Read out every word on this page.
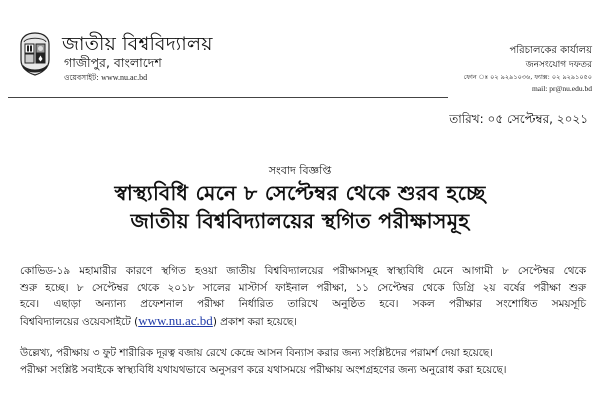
জাতীয় বিশ্ববিদ্যালয়
গাজীপুর, বাংলাদেশ
ওয়েবসাইট: www.nu.ac.bd
পরিচালকের কার্যালয়
জনসংযোগ দফতর
ফোন ঃ ০২ ৯২৯১০৩৬, ফ্যাক্স: ০২ ৯২৯১০৫০
mail: pr@nu.edu.bd
তারিখ: ০৫ সেপ্টেম্বর, ২০২১
সংবাদ বিজ্ঞপ্তি
স্বাস্থ্যবিধি মেনে ৮ সেপ্টেম্বর থেকে শুরব হচ্ছে
জাতীয় বিশ্ববিদ্যালয়ের স্থগিত পরীক্ষাসমূহ
কোভিড-১৯ মহামারীর কারণে স্থগিত হওয়া জাতীয় বিশ্ববিদ্যালয়ের পরীক্ষাসমূহ স্বাস্থ্যবিধি মেনে আগামী ৮ সেপ্টেম্বর থেকে
শুরু হচ্ছে। ৮ সেপ্টেম্বর থেকে ২০১৮ সালের মাস্টার্স ফাইনাল পরীক্ষা, ১১ সেপ্টেম্বর থেকে ডিগ্রি ২য় বর্ষের পরীক্ষা শুরু
হবে। এছাড়া অন্যান্য প্রফেশনাল পরীক্ষা নির্ধারিত তারিখে অনুষ্ঠিত হবে। সকল পরীক্ষার সংশোধিত সময়সূচি
বিশ্ববিদ্যালয়ের ওয়েবসাইটে (www.nu.ac.bd) প্রকাশ করা হয়েছে।
উল্লেখ্য, পরীক্ষায় ৩ ফুট শারীরিক দূরত্ব বজায় রেখে কেন্দ্রে আসন বিন্যাস করার জন্য সংশ্লিষ্টদের পরামর্শ দেয়া হয়েছে।
পরীক্ষা সংশ্লিষ্ট সবাইকে স্বাস্থ্যবিধি যথাযথভাবে অনুসরণ করে যথাসময়ে পরীক্ষায় অংশগ্রহণের জন্য অনুরোধ করা হয়েছে।
